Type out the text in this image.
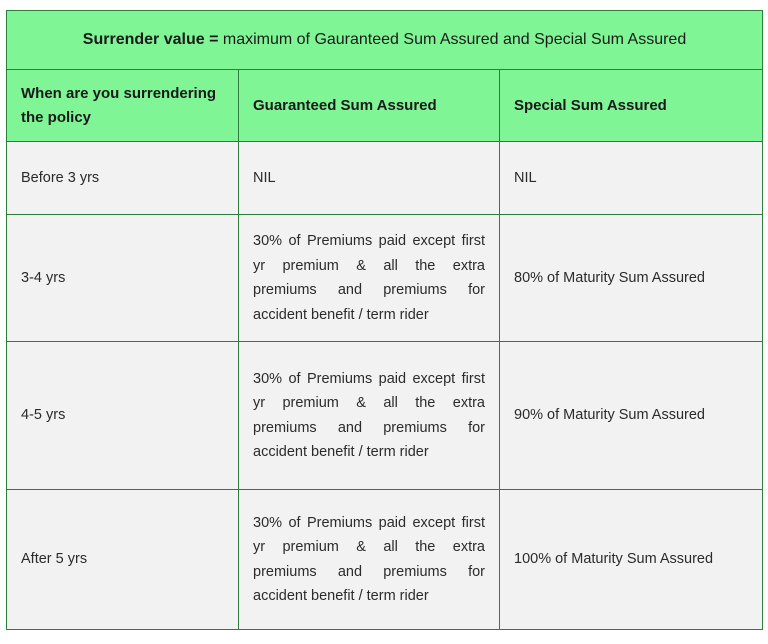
Surrender value = maximum of Gauranteed Sum Assured and Special Sum Assured		
When are you surrendering the policy	Guaranteed Sum Assured	Special Sum Assured
Before 3 yrs	NIL	NIL
3-4 yrs	30% of Premiums paid except first yr premium & all the extra premiums and premiums for accident benefit / term rider	80% of Maturity Sum Assured
4-5 yrs	30% of Premiums paid except first yr premium & all the extra premiums and premiums for accident benefit / term rider	90% of Maturity Sum Assured
After 5 yrs	30% of Premiums paid except first yr premium & all the extra premiums and premiums for accident benefit / term rider	100% of Maturity Sum Assured
